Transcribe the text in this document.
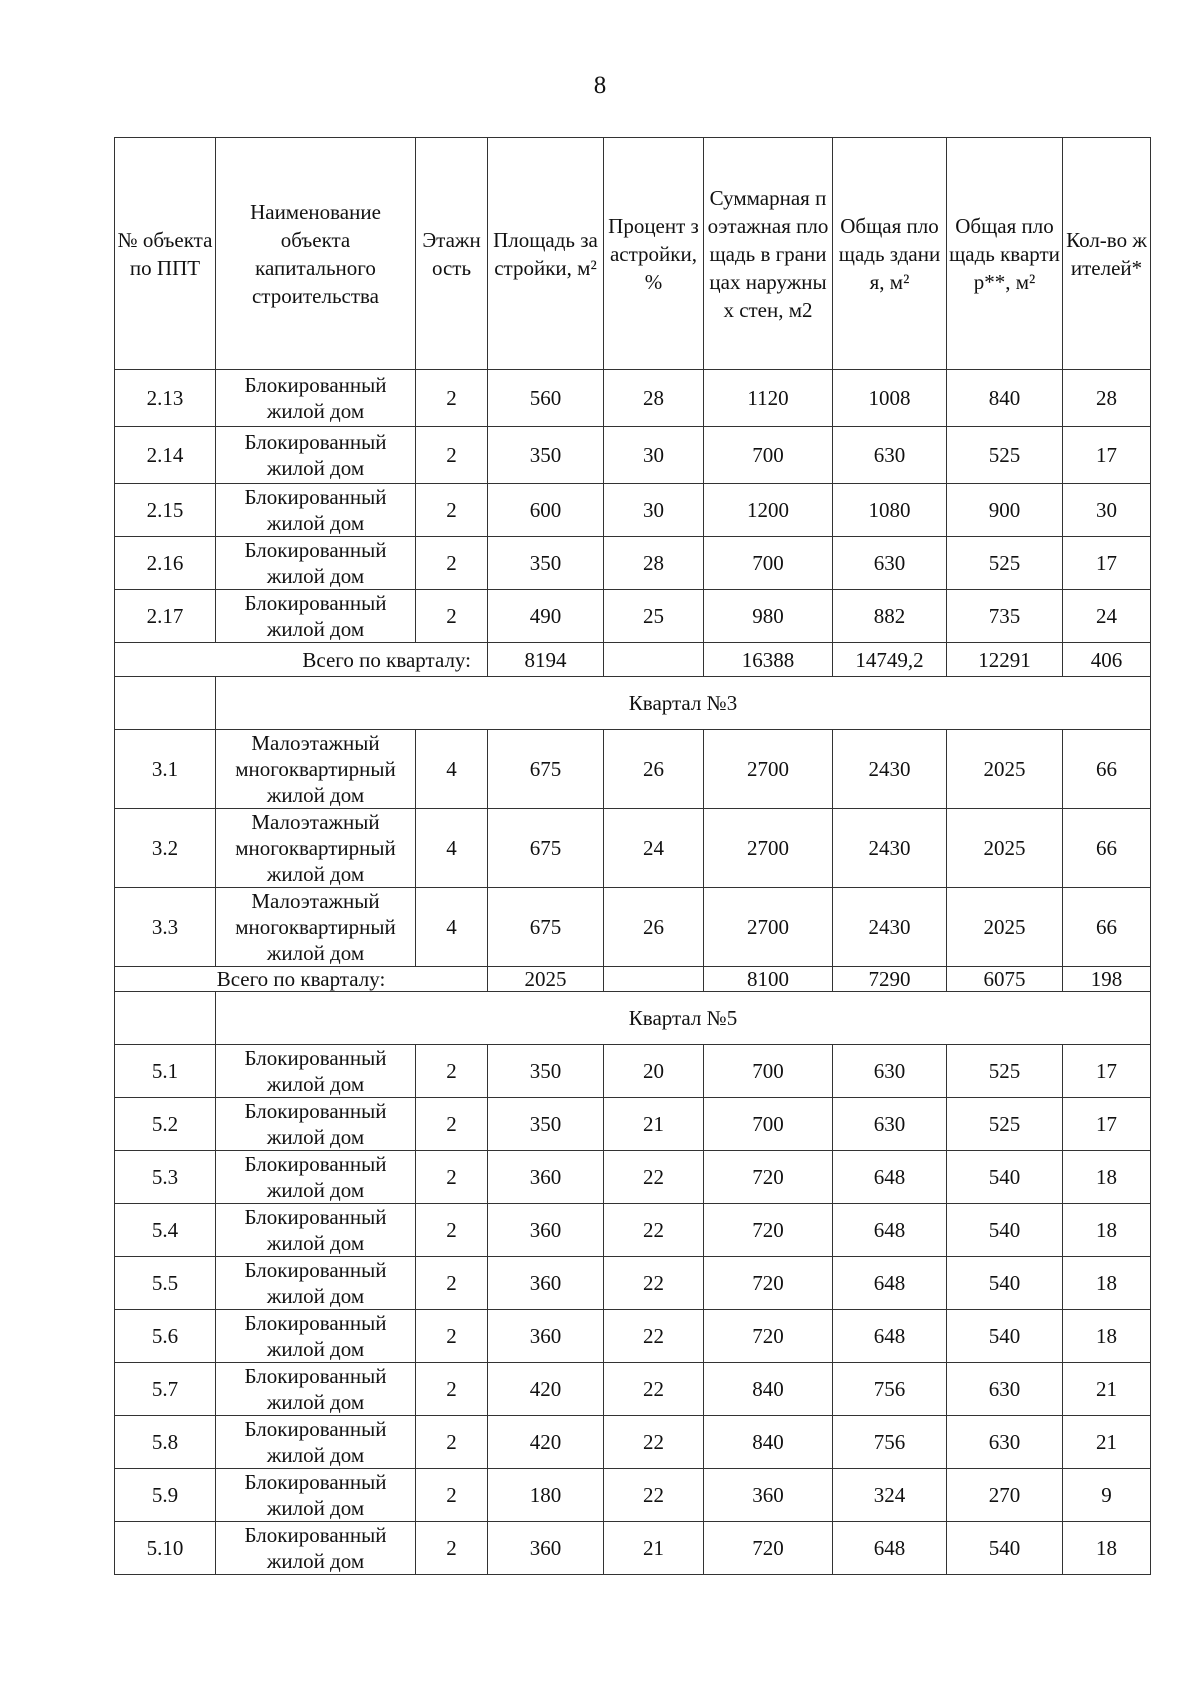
8
№ объекта по ППТ	Наименование объекта капитального строительства	Этажность	Площадь застройки, м²	Процент застройки, %	Суммарная поэтажная площадь в границах наружных стен, м2	Общая площадь здания, м²	Общая площадь квартир**, м²	Кол-во жителей*
2.13	Блокированный жилой дом	2	560	28	1120	1008	840	28
2.14	Блокированный жилой дом	2	350	30	700	630	525	17
2.15	Блокированный жилой дом	2	600	30	1200	1080	900	30
2.16	Блокированный жилой дом	2	350	28	700	630	525	17
2.17	Блокированный жилой дом	2	490	25	980	882	735	24
Всего по кварталу:			8194		16388	14749,2	12291	406
	Квартал №3							
3.1	Малоэтажный многоквартирный жилой дом	4	675	26	2700	2430	2025	66
3.2	Малоэтажный многоквартирный жилой дом	4	675	24	2700	2430	2025	66
3.3	Малоэтажный многоквартирный жилой дом	4	675	26	2700	2430	2025	66
Всего по кварталу:			2025		8100	7290	6075	198
	Квартал №5							
5.1	Блокированный жилой дом	2	350	20	700	630	525	17
5.2	Блокированный жилой дом	2	350	21	700	630	525	17
5.3	Блокированный жилой дом	2	360	22	720	648	540	18
5.4	Блокированный жилой дом	2	360	22	720	648	540	18
5.5	Блокированный жилой дом	2	360	22	720	648	540	18
5.6	Блокированный жилой дом	2	360	22	720	648	540	18
5.7	Блокированный жилой дом	2	420	22	840	756	630	21
5.8	Блокированный жилой дом	2	420	22	840	756	630	21
5.9	Блокированный жилой дом	2	180	22	360	324	270	9
5.10	Блокированный жилой дом	2	360	21	720	648	540	18
